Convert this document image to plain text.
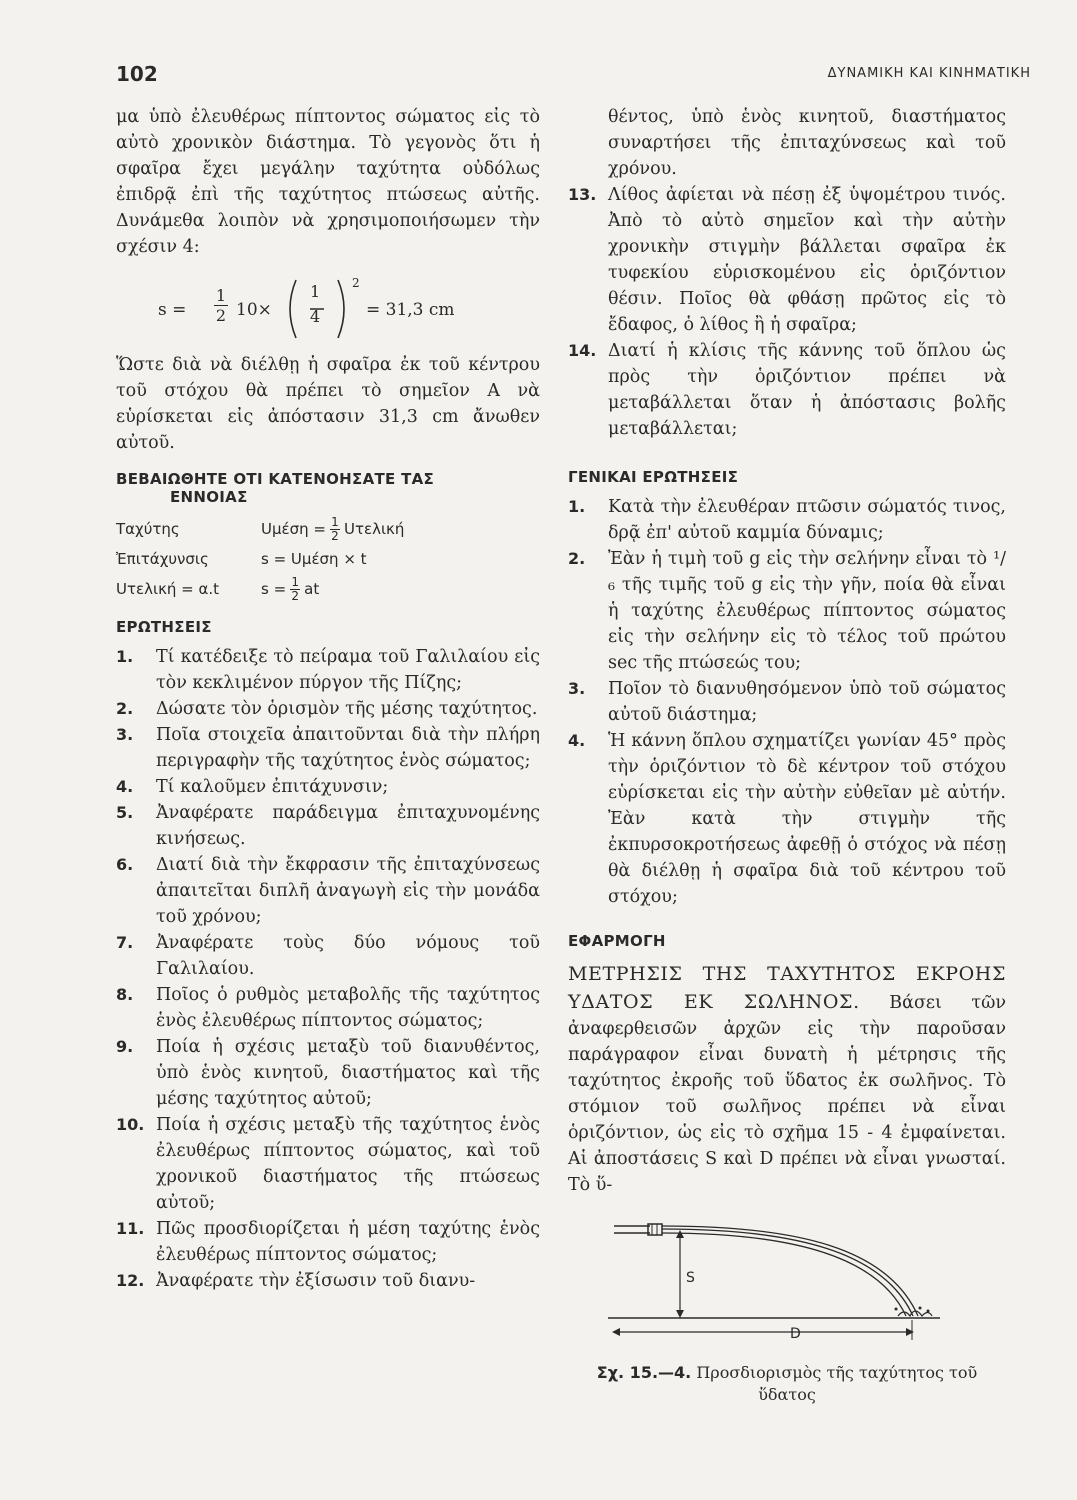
102	ΔΥΝΑΜΙΚΗ ΚΑΙ ΚΙΝΗΜΑΤΙΚΗ

μα ὑπὸ ἐλευθέρως πίπτοντος σώματος εἰς τὸ αὐτὸ χρονικὸν διάστημα. Τὸ γεγονὸς ὅτι ἡ σφαῖρα ἔχει μεγάλην ταχύτητα οὐδόλως ἐπιδρᾷ ἐπὶ τῆς ταχύτητος πτώσεως αὐτῆς. Δυνάμεθα λοιπὸν νὰ χρησιμοποιήσωμεν τὴν σχέσιν 4:

s =
1
2 10×
1
4
2
= 31,3 cm

Ὥστε διὰ νὰ διέλθῃ ἡ σφαῖρα ἐκ τοῦ κέντρου τοῦ στόχου θὰ πρέπει τὸ σημεῖον Α νὰ εὑρίσκεται εἰς ἀπόστασιν 31,3 cm ἄνωθεν αὐτοῦ.

ΒΕΒΑΙΩΘΗΤΕ ΟΤΙ ΚΑΤΕΝΟΗΣΑΤΕ ΤΑΣ
ΕΝΝΟΙΑΣ
Ταχύτης	Uμέση = 1
2 Uτελική
Ἐπιτάχυνσις	s = Uμέση × t
Uτελική = α.t	s = 1
2 at
ΕΡΩΤΗΣΕΙΣ
1.	Τί κατέδειξε τὸ πείραμα τοῦ Γαλιλαίου εἰς τὸν κεκλιμένον πύργον τῆς Πίζης;
2.	Δώσατε τὸν ὁρισμὸν τῆς μέσης ταχύτητος.
3.	Ποῖα στοιχεῖα ἀπαιτοῦνται διὰ τὴν πλήρη περιγραφὴν τῆς ταχύτητος ἑνὸς σώματος;
4.	Τί καλοῦμεν ἐπιτάχυνσιν;
5.	Ἀναφέρατε παράδειγμα ἐπιταχυνομένης κινήσεως.
6.	Διατί διὰ τὴν ἔκφρασιν τῆς ἐπιταχύνσεως ἀπαιτεῖται διπλῆ ἀναγωγὴ εἰς τὴν μονάδα τοῦ χρόνου;
7.	Ἀναφέρατε τοὺς δύο νόμους τοῦ Γαλιλαίου.
8.	Ποῖος ὁ ρυθμὸς μεταβολῆς τῆς ταχύτητος ἑνὸς ἐλευθέρως πίπτοντος σώματος;
9.	Ποία ἡ σχέσις μεταξὺ τοῦ διανυθέντος, ὑπὸ ἑνὸς κινητοῦ, διαστήματος καὶ τῆς μέσης ταχύτητος αὐτοῦ;
10. Ποία ἡ σχέσις μεταξὺ τῆς ταχύτητος ἑνὸς ἐλευθέρως πίπτοντος σώματος, καὶ τοῦ χρονικοῦ διαστήματος τῆς πτώσεως αὐτοῦ;
11. Πῶς προσδιορίζεται ἡ μέση ταχύτης ἑνὸς ἐλευθέρως πίπτοντος σώματος;
12. Ἀναφέρατε τὴν ἐξίσωσιν τοῦ διανυ-

θέντος, ὑπὸ ἑνὸς κινητοῦ, διαστήματος συναρτήσει τῆς ἐπιταχύνσεως καὶ τοῦ χρόνου.

13. Λίθος ἀφίεται νὰ πέσῃ ἐξ ὑψομέτρου τινός. Ἀπὸ τὸ αὐτὸ σημεῖον καὶ τὴν αὐτὴν χρονικὴν στιγμὴν βάλλεται σφαῖρα ἐκ τυφεκίου εὑρισκομένου εἰς ὁριζόντιον θέσιν. Ποῖος θὰ φθάσῃ πρῶτος εἰς τὸ ἔδαφος, ὁ λίθος ἢ ἡ σφαῖρα;
14. Διατί ἡ κλίσις τῆς κάννης τοῦ ὅπλου ὡς πρὸς τὴν ὁριζόντιον πρέπει νὰ μεταβάλλεται ὅταν ἡ ἀπόστασις βολῆς μεταβάλλεται;
ΓΕΝΙΚΑΙ ΕΡΩΤΗΣΕΙΣ
1.	Κατὰ τὴν ἐλευθέραν πτῶσιν σώματός τινος, δρᾷ ἐπ' αὐτοῦ καμμία δύναμις;
2.	Ἐὰν ἡ τιμὴ τοῦ g εἰς τὴν σελήνην εἶναι τὸ ¹/₆ τῆς τιμῆς τοῦ g εἰς τὴν γῆν, ποία θὰ εἶναι ἡ ταχύτης ἐλευθέρως πίπτοντος σώματος εἰς τὴν σελήνην εἰς τὸ τέλος τοῦ πρώτου sec τῆς πτώσεώς του;
3.	Ποῖον τὸ διανυθησόμενον ὑπὸ τοῦ σώματος αὐτοῦ διάστημα;
4.	Ἡ κάννη ὅπλου σχηματίζει γωνίαν 45° πρὸς τὴν ὁριζόντιον τὸ δὲ κέντρον τοῦ στόχου εὑρίσκεται εἰς τὴν αὐτὴν εὐθεῖαν μὲ αὐτήν. Ἐὰν κατὰ τὴν στιγμὴν τῆς ἐκπυρσοκροτήσεως ἀφεθῇ ὁ στόχος νὰ πέσῃ θὰ διέλθῃ ἡ σφαῖρα διὰ τοῦ κέντρου τοῦ στόχου;
ΕΦΑΡΜΟΓΗ

ΜΕΤΡΗΣΙΣ ΤΗΣ ΤΑΧΥΤΗΤΟΣ ΕΚΡΟΗΣ ΥΔΑΤΟΣ ΕΚ ΣΩΛΗΝΟΣ. Βάσει τῶν ἀναφερθεισῶν ἀρχῶν εἰς τὴν παροῦσαν παράγραφον εἶναι δυνατὴ ἡ μέτρησις τῆς ταχύτητος ἐκροῆς τοῦ ὕδατος ἐκ σωλῆνος. Τὸ στόμιον τοῦ σωλῆνος πρέπει νὰ εἶναι ὁριζόντιον, ὡς εἰς τὸ σχῆμα 15 - 4 ἐμφαίνεται. Αἱ ἀποστάσεις S καὶ D πρέπει νὰ εἶναι γνωσταί. Τὸ ὕ-

S
D
Σχ. 15.—4. Προσδιορισμὸς τῆς ταχύτητος τοῦ ὕδατος
